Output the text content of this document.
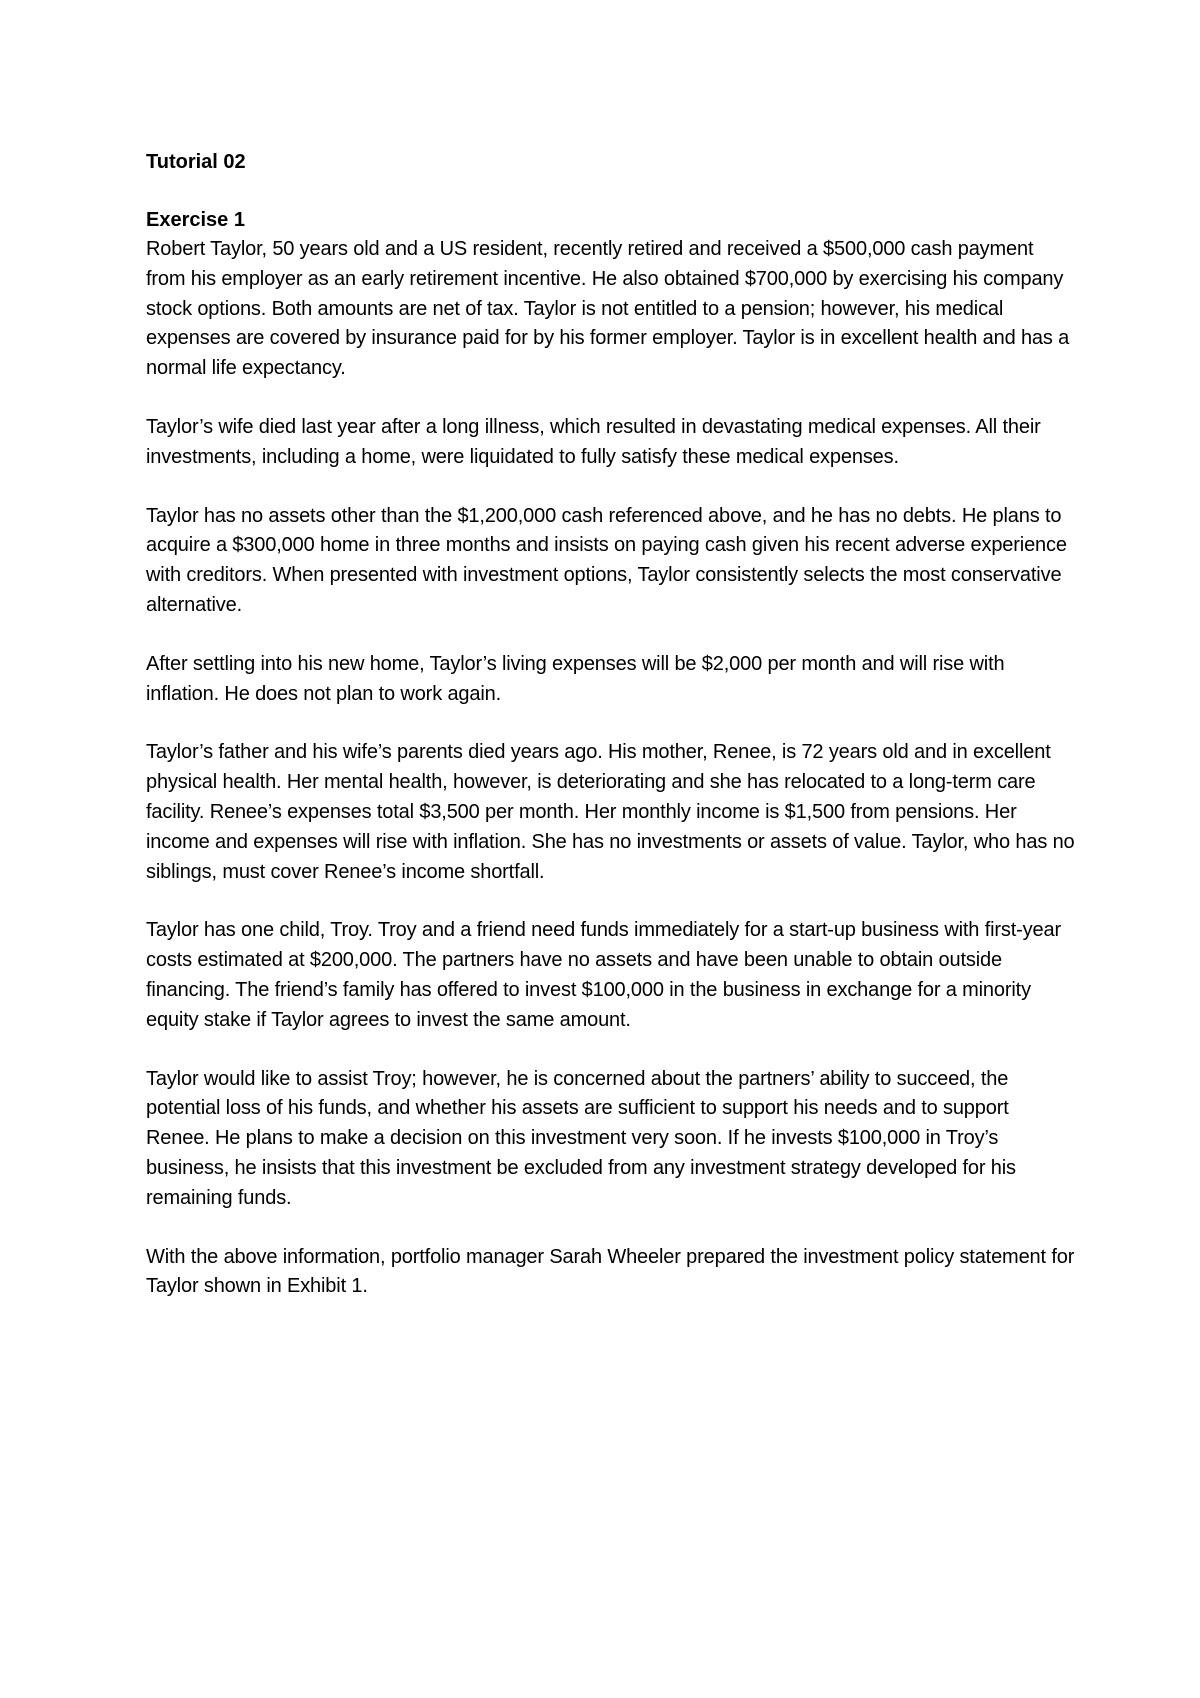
Tutorial 02
Exercise 1

Robert Taylor, 50 years old and a US resident, recently retired and received a $500,000 cash payment from his employer as an early retirement incentive. He also obtained $700,000 by exercising his company stock options. Both amounts are net of tax. Taylor is not entitled to a pension; however, his medical expenses are covered by insurance paid for by his former employer. Taylor is in excellent health and has a normal life expectancy.

Taylor’s wife died last year after a long illness, which resulted in devastating medical expenses. All their investments, including a home, were liquidated to fully satisfy these medical expenses.

Taylor has no assets other than the $1,200,000 cash referenced above, and he has no debts. He plans to acquire a $300,000 home in three months and insists on paying cash given his recent adverse experience with creditors. When presented with investment options, Taylor consistently selects the most conservative alternative.

After settling into his new home, Taylor’s living expenses will be $2,000 per month and will rise with inflation. He does not plan to work again.

Taylor’s father and his wife’s parents died years ago. His mother, Renee, is 72 years old and in excellent physical health. Her mental health, however, is deteriorating and she has relocated to a long-term care facility. Renee’s expenses total $3,500 per month. Her monthly income is $1,500 from pensions. Her income and expenses will rise with inflation. She has no investments or assets of value. Taylor, who has no siblings, must cover Renee’s income shortfall.

Taylor has one child, Troy. Troy and a friend need funds immediately for a start-up business with first-year costs estimated at $200,000. The partners have no assets and have been unable to obtain outside financing. The friend’s family has offered to invest $100,000 in the business in exchange for a minority equity stake if Taylor agrees to invest the same amount.

Taylor would like to assist Troy; however, he is concerned about the partners’ ability to succeed, the potential loss of his funds, and whether his assets are sufficient to support his needs and to support Renee. He plans to make a decision on this investment very soon. If he invests $100,000 in Troy’s business, he insists that this investment be excluded from any investment strategy developed for his remaining funds.

With the above information, portfolio manager Sarah Wheeler prepared the investment policy statement for Taylor shown in Exhibit 1.
